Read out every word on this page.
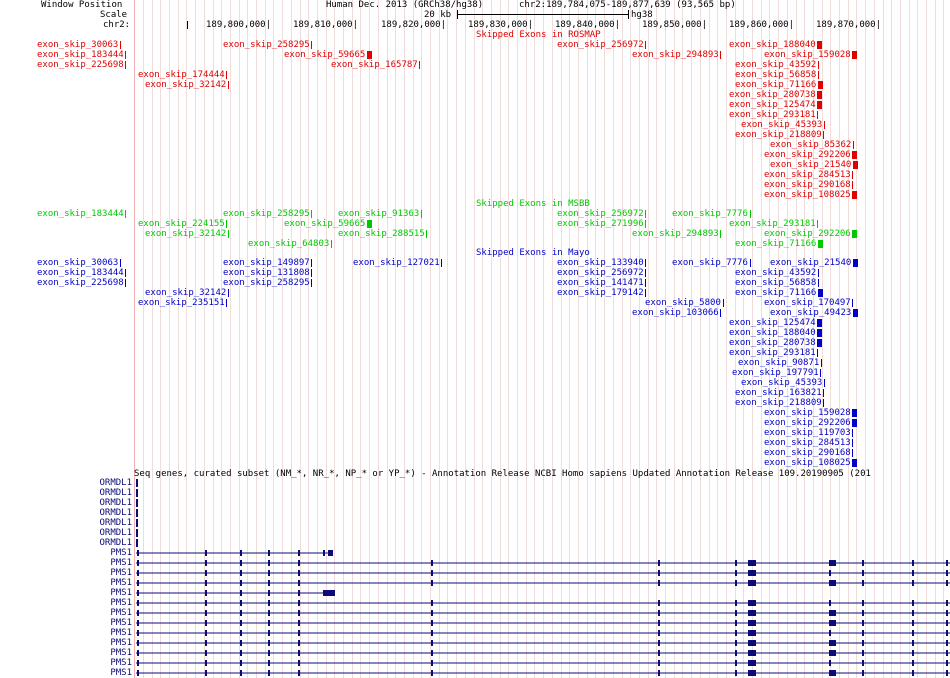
Window Position
Scale
chr2:
Human Dec. 2013 (GRCh38/hg38)	chr2:189,784,075-189,877,639 (93,565 bp)
20 kb	hg38
189,800,000| 189,810,000|	189,820,000| 189,830,000| 189,840,000| 189,850,000| 189,860,000| 189,870,000|
Skipped Exons in ROSMAP
exon_skip_30063
exon_skip_183444
exon_skip_225698
exon_skip_174444
exon_skip_32142
exon_skip_258295
exon_skip_59665
exon_skip_165787
exon_skip_256972
exon_skip_294893
exon_skip_188040
exon_skip_159028
exon_skip_43592
exon_skip_56858
exon_skip_71166
exon_skip_280738
exon_skip_125474
exon_skip_293181
exon_skip_45393
exon_skip_218809
exon_skip_85362
exon_skip_292206
exon_skip_21540
exon_skip_284513
exon_skip_290168
exon_skip_108025
Skipped Exons in MSBB
exon_skip_183444
exon_skip_224155
exon_skip_32142
exon_skip_258295
exon_skip_59665
exon_skip_64803
exon_skip_91363
exon_skip_288515
exon_skip_256972
exon_skip_271996
exon_skip_294893
exon_skip_7776
exon_skip_293181
exon_skip_292206
exon_skip_71166
Skipped Exons in Mayo
exon_skip_30063
exon_skip_183444
exon_skip_225698
exon_skip_32142
exon_skip_235151
exon_skip_149897
exon_skip_131808
exon_skip_258295
exon_skip_127021	exon_skip_133940
exon_skip_256972
exon_skip_141471
exon_skip_179142
exon_skip_5800
exon_skip_103066
exon_skip_7776 exon_skip_21540
exon_skip_43592
exon_skip_56858
exon_skip_71166
exon_skip_170497
exon_skip_49423
exon_skip_125474
exon_skip_188040
exon_skip_280738
exon_skip_293181
exon_skip_90871
exon_skip_197791
exon_skip_45393
exon_skip_163821
exon_skip_218809
exon_skip_159028
exon_skip_292206
exon_skip_119703
exon_skip_284513
exon_skip_290168
exon_skip_108025
Seq genes, curated subset (NM_*, NR_*, NP_* or YP_*) - Annotation Release NCBI Homo sapiens Updated Annotation Release 109.20190905 (201
ORMDL1
ORMDL1
ORMDL1
ORMDL1
ORMDL1
ORMDL1
ORMDL1
PMS1
PMS1
PMS1
PMS1
PMS1
PMS1
PMS1
PMS1
PMS1
PMS1
PMS1
PMS1
PMS1
